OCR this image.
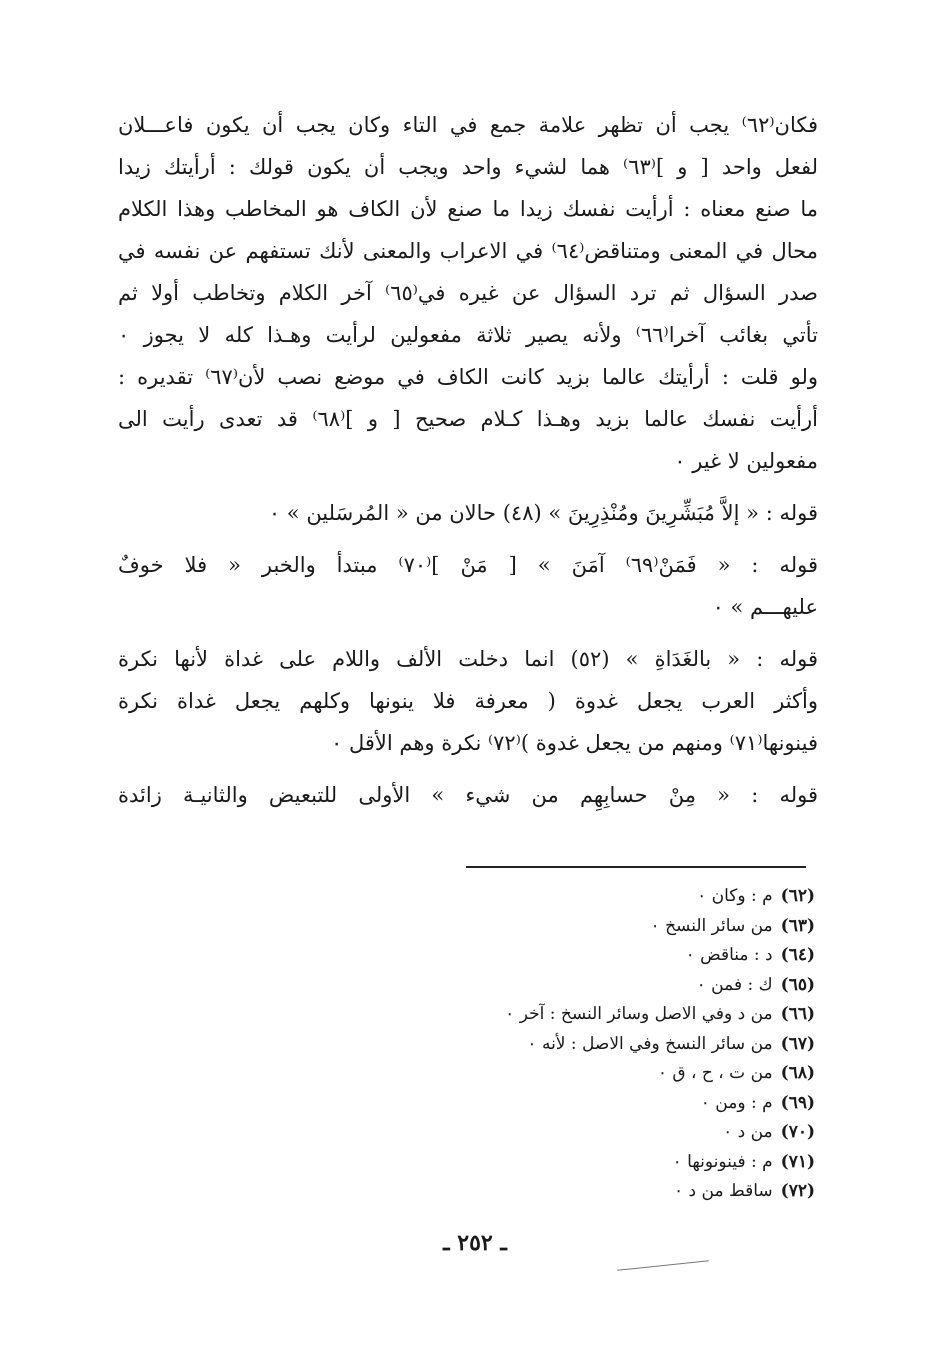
فكان⁽٦٢⁾ يجب أن تظهر علامة جمع في التاء وكان يجب أن يكون فاعـــلان
لفعل واحد [ و ]⁽٦٣⁾ هما لشيء واحد ويجب أن يكون قولك : أرأيتك زيدا
ما صنع معناه : أرأيت نفسك زيدا ما صنع لأن الكاف هو المخاطب وهذا الكلام
محال في المعنى ومتناقض⁽٦٤⁾ في الاعراب والمعنى لأنك تستفهم عن نفسه في
صدر السؤال ثم ترد السؤال عن غيره في⁽٦٥⁾ آخر الكلام وتخاطب أولا ثم
تأتي بغائب آخرا⁽٦٦⁾ ولأنه يصير ثلاثة مفعولين لرأيت وهـذا كله لا يجوز ٠
ولو قلت : أرأيتك عالما بزيد كانت الكاف في موضع نصب لأن⁽٦٧⁾ تقديره :
أرأيت نفسك عالما بزيد وهـذا كـلام صحيح [ و ]⁽٦٨⁾ قد تعدى رأيت الى
مفعولين لا غير ٠
قوله : « إلاَّ مُبَشِّرِينَ ومُنْذِرِينَ » (٤٨) حالان من « المُرسَلين » ٠
قوله : « فَمَنْ⁽٦٩⁾ آمَنَ » [ مَنْ ]⁽٧٠⁾ مبتدأ والخبر « فلا خوفٌ
عليهـــم » ٠
قوله : « بالغَدَاةِ » (٥٢) انما دخلت الألف واللام على غداة لأنها نكرة
وأكثر العرب يجعل غدوة ( معرفة فلا ينونها وكلهم يجعل غداة نكرة
فينونها⁽٧١⁾ ومنهم من يجعل غدوة )⁽٧٢⁾ نكرة وهم الأقل ٠
قوله : « مِنْ حسابِهِم من شيء » الأولى للتبعيض والثانيـة زائدة
(٦٢)م : وكان ٠
(٦٣)من سائر النسخ ٠
(٦٤)د : مناقض ٠
(٦٥)ك : فمن ٠
(٦٦)من د وفي الاصل وسائر النسخ : آخر ٠
(٦٧)من سائر النسخ وفي الاصل : لأنه ٠
(٦٨)من ت ، ح ، ق ٠
(٦٩)م : ومن ٠
(٧٠)من د ٠
(٧١)م : فينونونها ٠
(٧٢)ساقط من د ٠
ـ ٢٥٢ ـ
